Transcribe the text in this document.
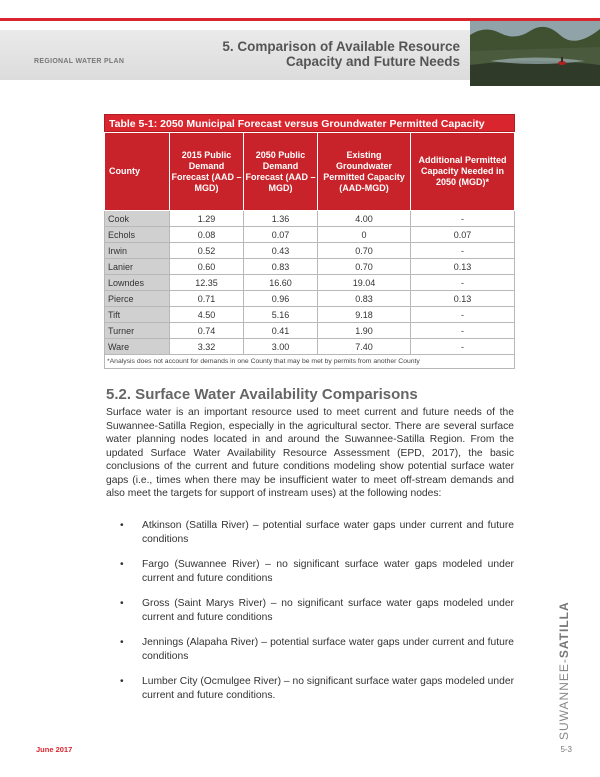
REGIONAL WATER PLAN
5. Comparison of Available Resource
Capacity and Future Needs
Table 5-1: 2050 Municipal Forecast versus Groundwater Permitted Capacity
County	2015 Public Demand Forecast (AAD – MGD)	2050 Public Demand Forecast (AAD – MGD)	Existing Groundwater Permitted Capacity (AAD-MGD)	Additional Permitted Capacity Needed in 2050 (MGD)*
Cook	1.29	1.36	4.00	-
Echols	0.08	0.07	0	0.07
Irwin	0.52	0.43	0.70	-
Lanier	0.60	0.83	0.70	0.13
Lowndes	12.35	16.60	19.04	-
Pierce	0.71	0.96	0.83	0.13
Tift	4.50	5.16	9.18	-
Turner	0.74	0.41	1.90	-
Ware	3.32	3.00	7.40	-
*Analysis does not account for demands in one County that may be met by permits from another County				
5.2. Surface Water Availability Comparisons
Surface water is an important resource used to meet current and future needs of the Suwannee-Satilla Region, especially in the agricultural sector. There are several surface water planning nodes located in and around the Suwannee-Satilla Region. From the updated Surface Water Availability Resource Assessment (EPD, 2017), the basic conclusions of the current and future conditions modeling show potential surface water gaps (i.e., times when there may be insufficient water to meet off-stream demands and also meet the targets for support of instream uses) at the following nodes:
• Atkinson (Satilla River) – potential surface water gaps under current and future conditions
• Fargo (Suwannee River) – no significant surface water gaps modeled under current and future conditions
• Gross (Saint Marys River) – no significant surface water gaps modeled under current and future conditions
• Jennings (Alapaha River) – potential surface water gaps under current and future conditions
• Lumber City (Ocmulgee River) – no significant surface water gaps modeled under current and future conditions.	SUWANNEE-SATILLA
June 2017	5-3
